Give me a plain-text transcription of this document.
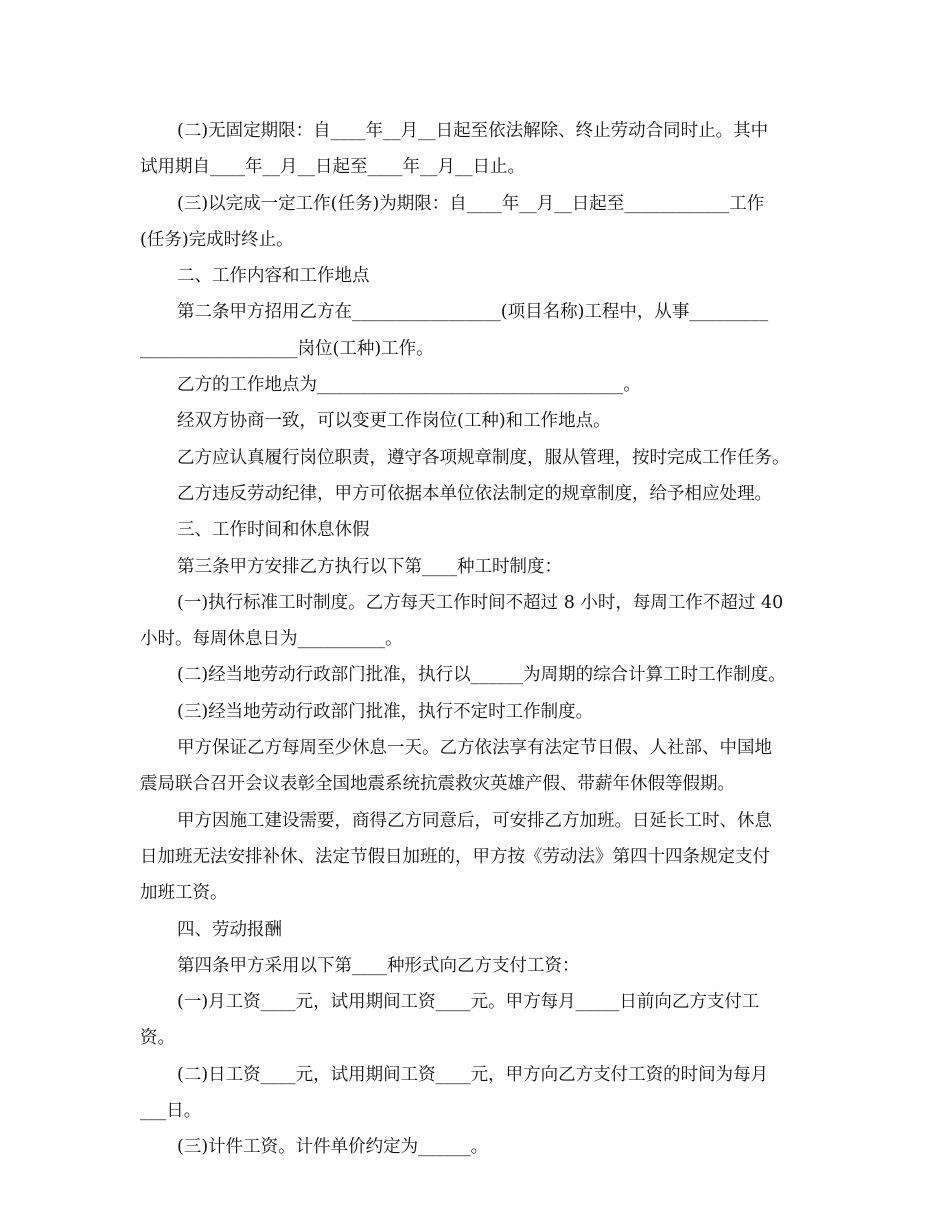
(二)无固定期限：自____年__月__日起至依法解除、终止劳动合同时止。其中

试用期自____年__月__日起至____年__月__日止。

(三)以完成一定工作(任务)为期限：自____年__月__日起至____________工作

(任务)完成时终止。

二、工作内容和工作地点

第二条甲方招用乙方在_________________(项目名称)工程中，从事_________

__________________岗位(工种)工作。

乙方的工作地点为___________________________________。

经双方协商一致，可以变更工作岗位(工种)和工作地点。

乙方应认真履行岗位职责，遵守各项规章制度，服从管理，按时完成工作任务。

乙方违反劳动纪律，甲方可依据本单位依法制定的规章制度，给予相应处理。

三、工作时间和休息休假

第三条甲方安排乙方执行以下第____种工时制度：

(一)执行标准工时制度。乙方每天工作时间不超过 8 小时，每周工作不超过 40

小时。每周休息日为__________。

(二)经当地劳动行政部门批准，执行以______为周期的综合计算工时工作制度。

(三)经当地劳动行政部门批准，执行不定时工作制度。

甲方保证乙方每周至少休息一天。乙方依法享有法定节日假、人社部、中国地

震局联合召开会议表彰全国地震系统抗震救灾英雄产假、带薪年休假等假期。

甲方因施工建设需要，商得乙方同意后，可安排乙方加班。日延长工时、休息

日加班无法安排补休、法定节假日加班的，甲方按《劳动法》第四十四条规定支付

加班工资。

四、劳动报酬

第四条甲方采用以下第____种形式向乙方支付工资：

(一)月工资____元，试用期间工资____元。甲方每月_____日前向乙方支付工

资。

(二)日工资____元，试用期间工资____元，甲方向乙方支付工资的时间为每月

___日。

(三)计件工资。计件单价约定为______。
